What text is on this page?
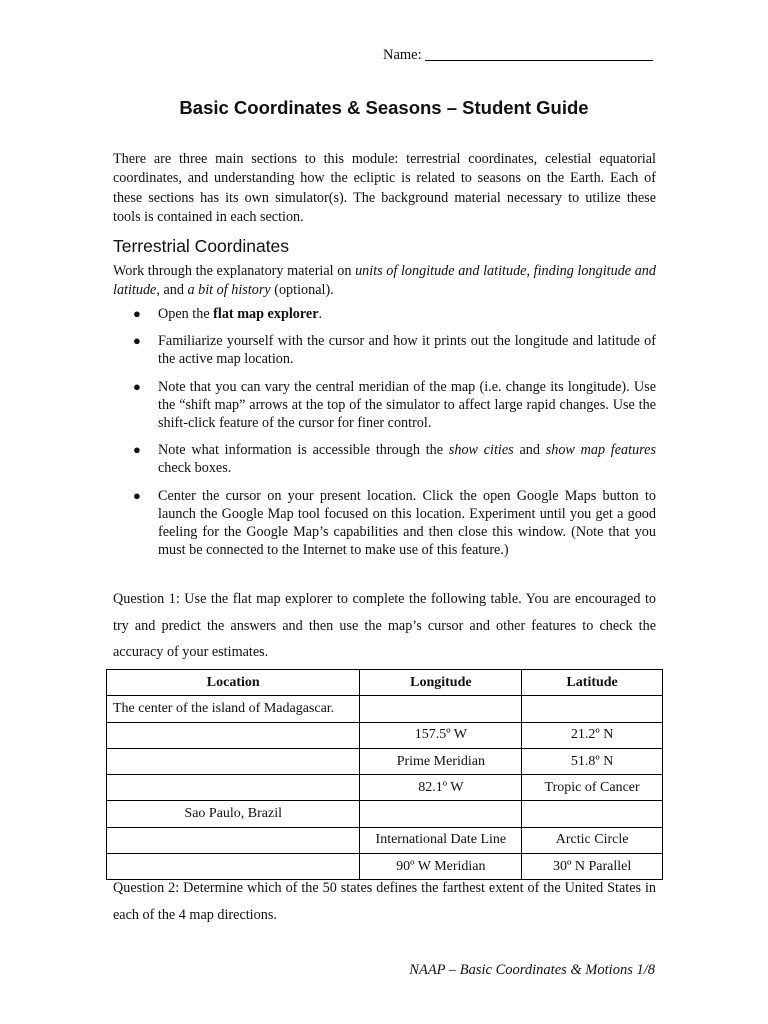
Name:
Basic Coordinates & Seasons – Student Guide
There are three main sections to this module: terrestrial coordinates, celestial equatorial coordinates, and understanding how the ecliptic is related to seasons on the Earth. Each of these sections has its own simulator(s). The background material necessary to utilize these tools is contained in each section.
Terrestrial Coordinates
Work through the explanatory material on units of longitude and latitude, finding longitude and latitude, and a bit of history (optional).
● Open the flat map explorer.
● Familiarize yourself with the cursor and how it prints out the longitude and latitude of the active map location.
● Note that you can vary the central meridian of the map (i.e. change its longitude). Use the “shift map” arrows at the top of the simulator to affect large rapid changes. Use the shift-click feature of the cursor for finer control.
● Note what information is accessible through the show cities and show map features check boxes.
● Center the cursor on your present location. Click the open Google Maps button to launch the Google Map tool focused on this location. Experiment until you get a good feeling for the Google Map’s capabilities and then close this window. (Note that you must be connected to the Internet to make use of this feature.)
Question 1: Use the flat map explorer to complete the following table. You are encouraged to try and predict the answers and then use the map’s cursor and other features to check the accuracy of your estimates.
Location	Longitude	Latitude
The center of the island of Madagascar.		
	157.5º W	21.2º N
	Prime Meridian	51.8º N
	82.1º W	Tropic of Cancer
Sao Paulo, Brazil		
	International Date Line	Arctic Circle
	90º W Meridian	30º N Parallel
Question 2: Determine which of the 50 states defines the farthest extent of the United States in each of the 4 map directions.
NAAP – Basic Coordinates & Motions 1/8
